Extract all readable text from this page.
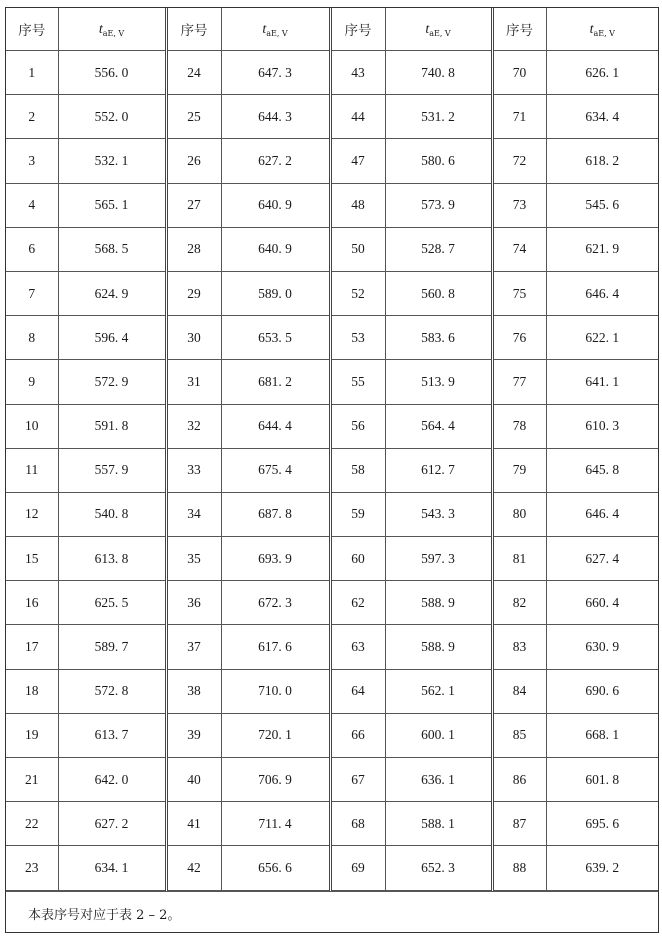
序号	$t_{aE, V}$	序号	$t_{aE, V}$	序号	$t_{aE, V}$	序号	$t_{aE, V}$
1	556. 0	24	647. 3	43	740. 8	70	626. 1
2	552. 0	25	644. 3	44	531. 2	71	634. 4
3	532. 1	26	627. 2	47	580. 6	72	618. 2
4	565. 1	27	640. 9	48	573. 9	73	545. 6
6	568. 5	28	640. 9	50	528. 7	74	621. 9
7	624. 9	29	589. 0	52	560. 8	75	646. 4
8	596. 4	30	653. 5	53	583. 6	76	622. 1
9	572. 9	31	681. 2	55	513. 9	77	641. 1
10	591. 8	32	644. 4	56	564. 4	78	610. 3
11	557. 9	33	675. 4	58	612. 7	79	645. 8
12	540. 8	34	687. 8	59	543. 3	80	646. 4
15	613. 8	35	693. 9	60	597. 3	81	627. 4
16	625. 5	36	672. 3	62	588. 9	82	660. 4
17	589. 7	37	617. 6	63	588. 9	83	630. 9
18	572. 8	38	710. 0	64	562. 1	84	690. 6
19	613. 7	39	720. 1	66	600. 1	85	668. 1
21	642. 0	40	706. 9	67	636. 1	86	601. 8
22	627. 2	41	711. 4	68	588. 1	87	695. 6
23	634. 1	42	656. 6	69	652. 3	88	639. 2
本表序号对应于表 2 – 2。
